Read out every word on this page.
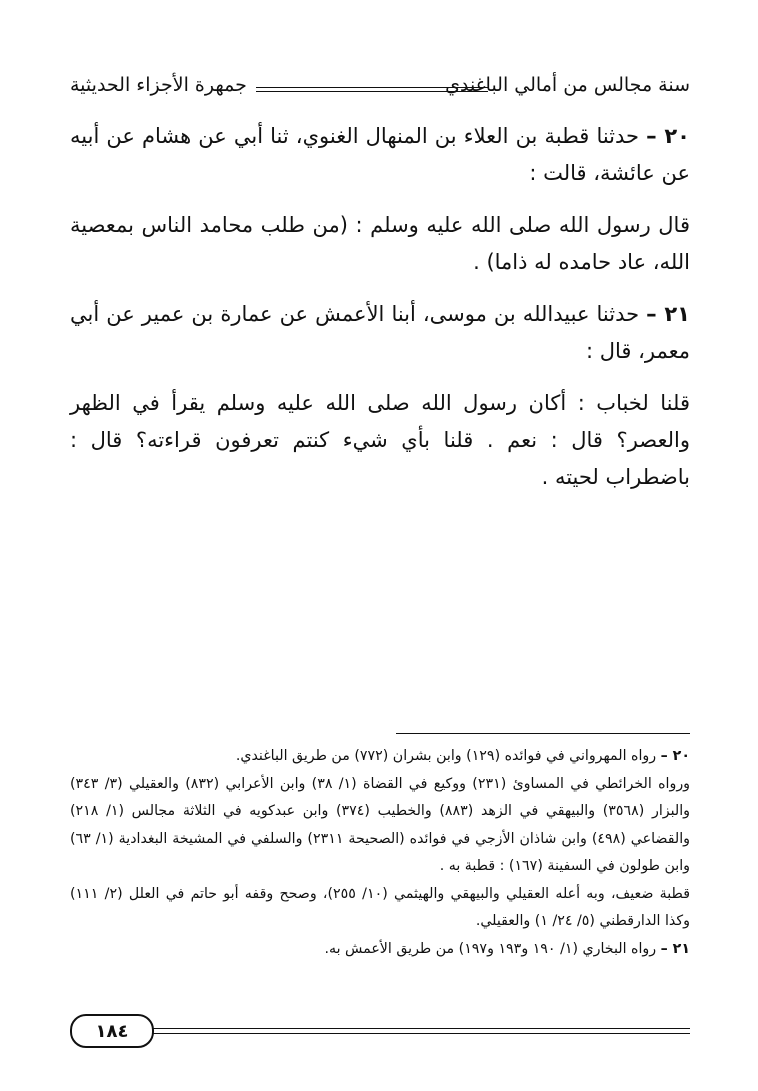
سنة مجالس من أمالي الباغندي
جمهرة الأجزاء الحديثية

٢٠ – حدثنا قطبة بن العلاء بن المنهال الغنوي، ثنا أبي عن هشام عن أبيه عن عائشة، قالت :

قال رسول الله صلى الله عليه وسلم : (من طلب محامد الناس بمعصية الله، عاد حامده له ذاما) .

٢١ – حدثنا عبيدالله بن موسى، أبنا الأعمش عن عمارة بن عمير عن أبي معمر، قال :

قلنا لخباب : أكان رسول الله صلى الله عليه وسلم يقرأ في الظهر والعصر؟ قال : نعم . قلنا بأي شيء كنتم تعرفون قراءته؟ قال : باضطراب لحيته .

٢٠ – رواه المهرواني في فوائده (١٢٩) وابن بشران (٧٧٢) من طريق الباغندي.

ورواه الخرائطي في المساوئ (٢٣١) ووكيع في القضاة (١/ ٣٨) وابن الأعرابي (٨٣٢) والعقيلي (٣/ ٣٤٣) والبزار (٣٥٦٨) والبيهقي في الزهد (٨٨٣) والخطيب (٣٧٤) وابن عبدكويه في الثلاثة مجالس (١/ ٢١٨) والقضاعي (٤٩٨) وابن شاذان الأزجي في فوائده (الصحيحة ٢٣١١) والسلفي في المشيخة البغدادية (١/ ٦٣) وابن طولون في السفينة (١٦٧) : قطبة به .

قطبة ضعيف، وبه أعله العقيلي والبيهقي والهيثمي (١٠/ ٢٥٥)، وصحح وقفه أبو حاتم في العلل (٢/ ١١١) وكذا الدارقطني (٥/ ٢٤/ ١) والعقيلي.

٢١ – رواه البخاري (١/ ١٩٠ و١٩٣ و١٩٧) من طريق الأعمش به.

١٨٤
